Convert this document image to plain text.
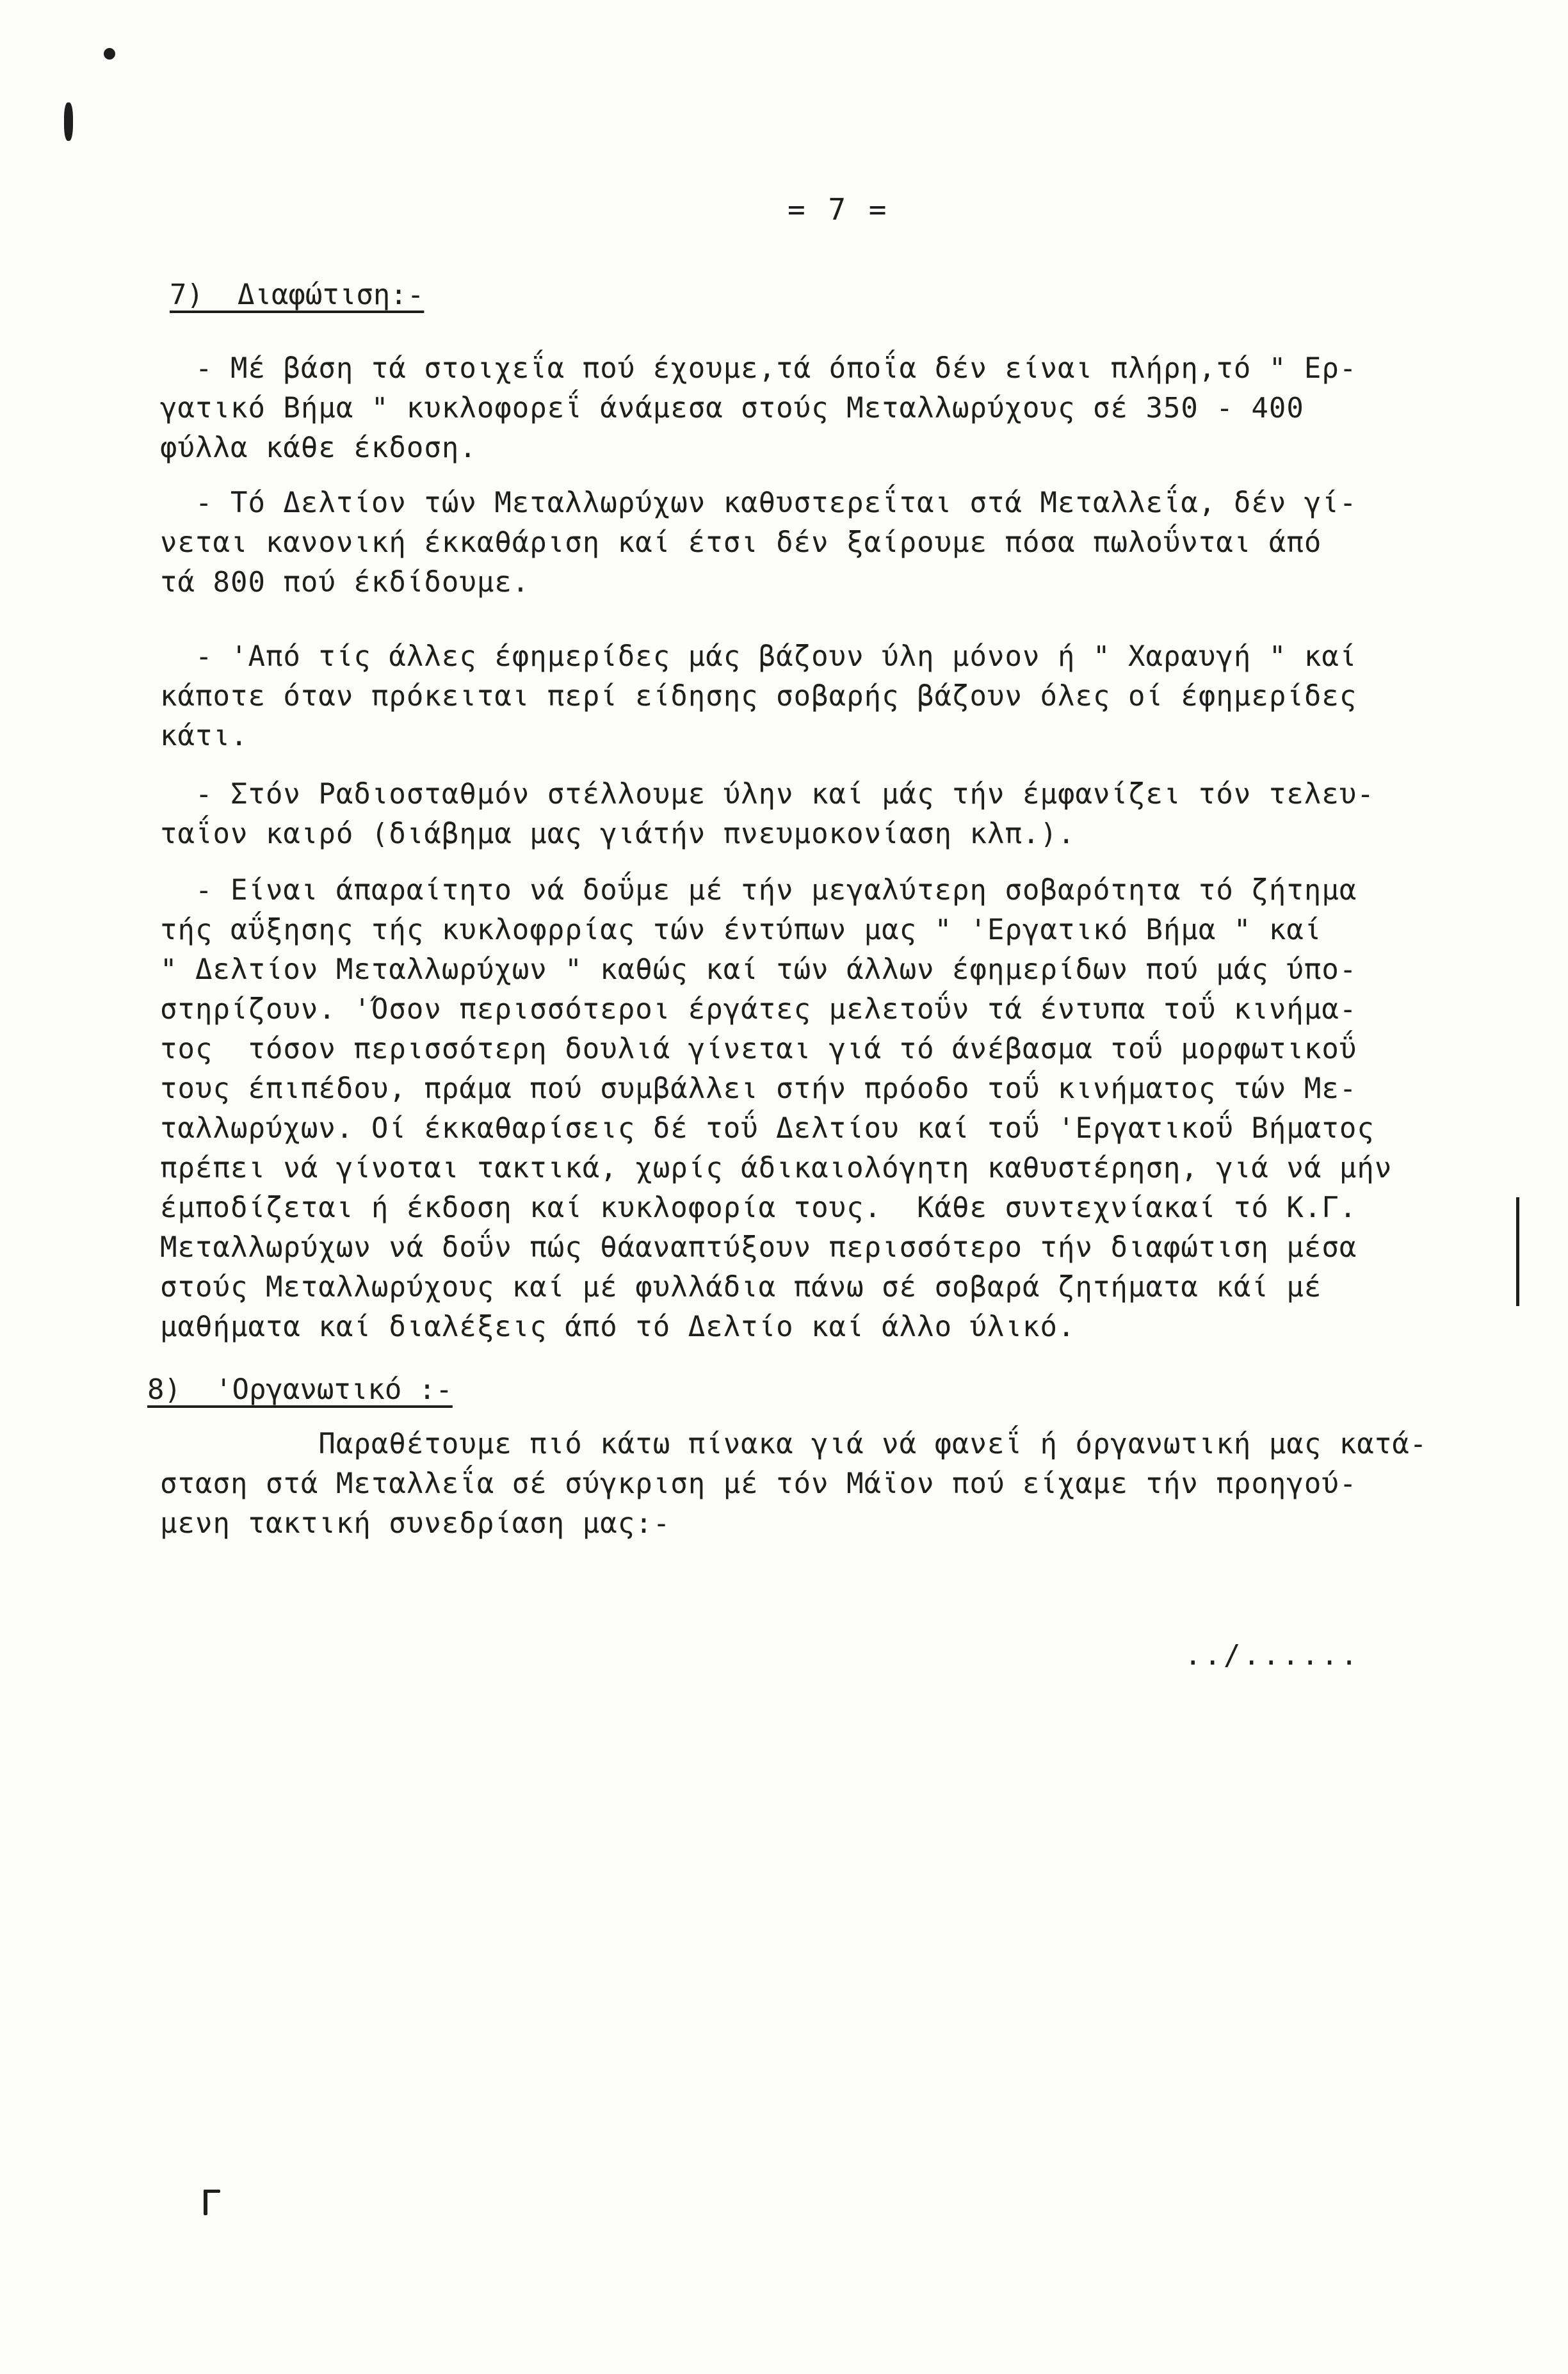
= 7 =
7)  Διαφώτιση:-
- Μέ βάση τά στοιχεΐα πού έχουμε,τά όποΐα δέν είναι πλήρη,τό " Ερ-
γατικό Βήμα " κυκλοφορεΐ άνάμεσα στούς Μεταλλωρύχους σέ 350 - 400
φύλλα κάθε έκδοση.
- Τό Δελτίον τών Μεταλλωρύχων καθυστερεΐται στά Μεταλλεΐα, δέν γί-
νεται κανονική έκκαθάριση καί έτσι δέν ξαίρουμε πόσα πωλοΰνται άπό
τά 800 πού έκδίδουμε.
- 'Από τίς άλλες έφημερίδες μάς βάζουν ύλη μόνον ή " Χαραυγή " καί
κάποτε όταν πρόκειται περί είδησης σοβαρής βάζουν όλες οί έφημερίδες
κάτι.
- Στόν Ραδιοσταθμόν στέλλουμε ύλην καί μάς τήν έμφανίζει τόν τελευ-
ταΐον καιρό (διάβημα μας γιάτήν πνευμοκονίαση κλπ.).
- Είναι άπαραίτητο νά δοΰμε μέ τήν μεγαλύτερη σοβαρότητα τό ζήτημα
τής αΰξησης τής κυκλοφρρίας τών έντύπων μας " 'Εργατικό Βήμα " καί
" Δελτίον Μεταλλωρύχων " καθώς καί τών άλλων έφημερίδων πού μάς ύπο-
στηρίζουν. 'Όσον περισσότεροι έργάτες μελετοΰν τά έντυπα τοΰ κινήμα-
τος  τόσον περισσότερη δουλιά γίνεται γιά τό άνέβασμα τοΰ μορφωτικοΰ
τους έπιπέδου, πράμα πού συμβάλλει στήν πρόοδο τοΰ κινήματος τών Με-
ταλλωρύχων. Οί έκκαθαρίσεις δέ τοΰ Δελτίου καί τοΰ 'Εργατικοΰ Βήματος
πρέπει νά γίνοται τακτικά, χωρίς άδικαιολόγητη καθυστέρηση, γιά νά μήν
έμποδίζεται ή έκδοση καί κυκλοφορία τους.  Κάθε συντεχνίακαί τό Κ.Γ.
Μεταλλωρύχων νά δοΰν πώς θάαναπτύξουν περισσότερο τήν διαφώτιση μέσα
στούς Μεταλλωρύχους καί μέ φυλλάδια πάνω σέ σοβαρά ζητήματα κάί μέ
μαθήματα καί διαλέξεις άπό τό Δελτίο καί άλλο ύλικό.
8)  'Οργανωτικό :-
Παραθέτουμε πιό κάτω πίνακα γιά νά φανεΐ ή όργανωτική μας κατά-
σταση στά Μεταλλεΐα σέ σύγκριση μέ τόν Μάϊον πού είχαμε τήν προηγού-
μενη τακτική συνεδρίαση μας:-
../......
